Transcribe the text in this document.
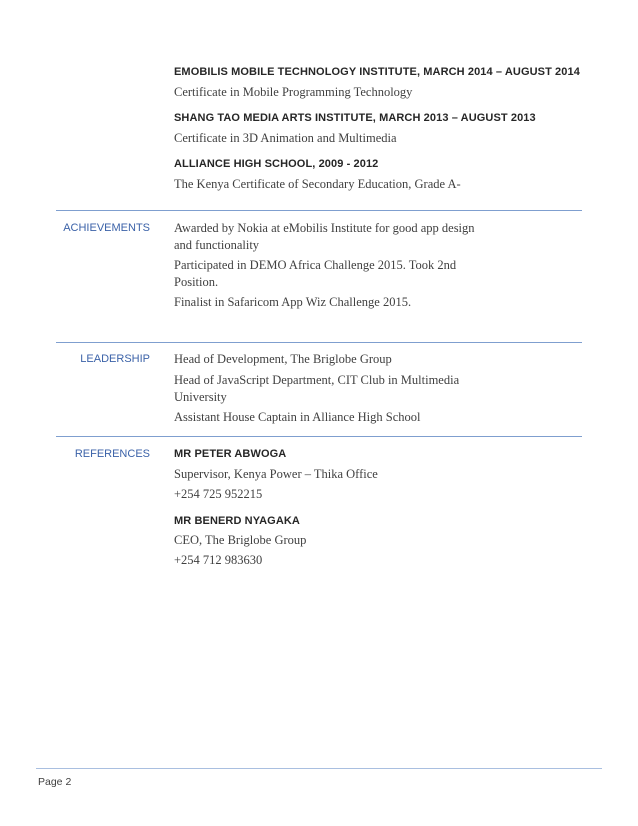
EMOBILIS MOBILE TECHNOLOGY INSTITUTE, MARCH 2014 – AUGUST 2014
Certificate in Mobile Programming Technology
SHANG TAO MEDIA ARTS INSTITUTE, MARCH 2013 – AUGUST 2013
Certificate in 3D Animation and Multimedia
ALLIANCE HIGH SCHOOL, 2009 - 2012
The Kenya Certificate of Secondary Education, Grade A-
ACHIEVEMENTS Awarded by Nokia at eMobilis Institute for good app design
and functionality
Participated in DEMO Africa Challenge 2015. Took 2nd
Position.
Finalist in Safaricom App Wiz Challenge 2015.
LEADERSHIP Head of Development, The Briglobe Group
Head of JavaScript Department, CIT Club in Multimedia
University
Assistant House Captain in Alliance High School
REFERENCES MR PETER ABWOGA
Supervisor, Kenya Power – Thika Office
+254 725 952215
MR BENERD NYAGAKA
CEO, The Briglobe Group
+254 712 983630
Page 2
